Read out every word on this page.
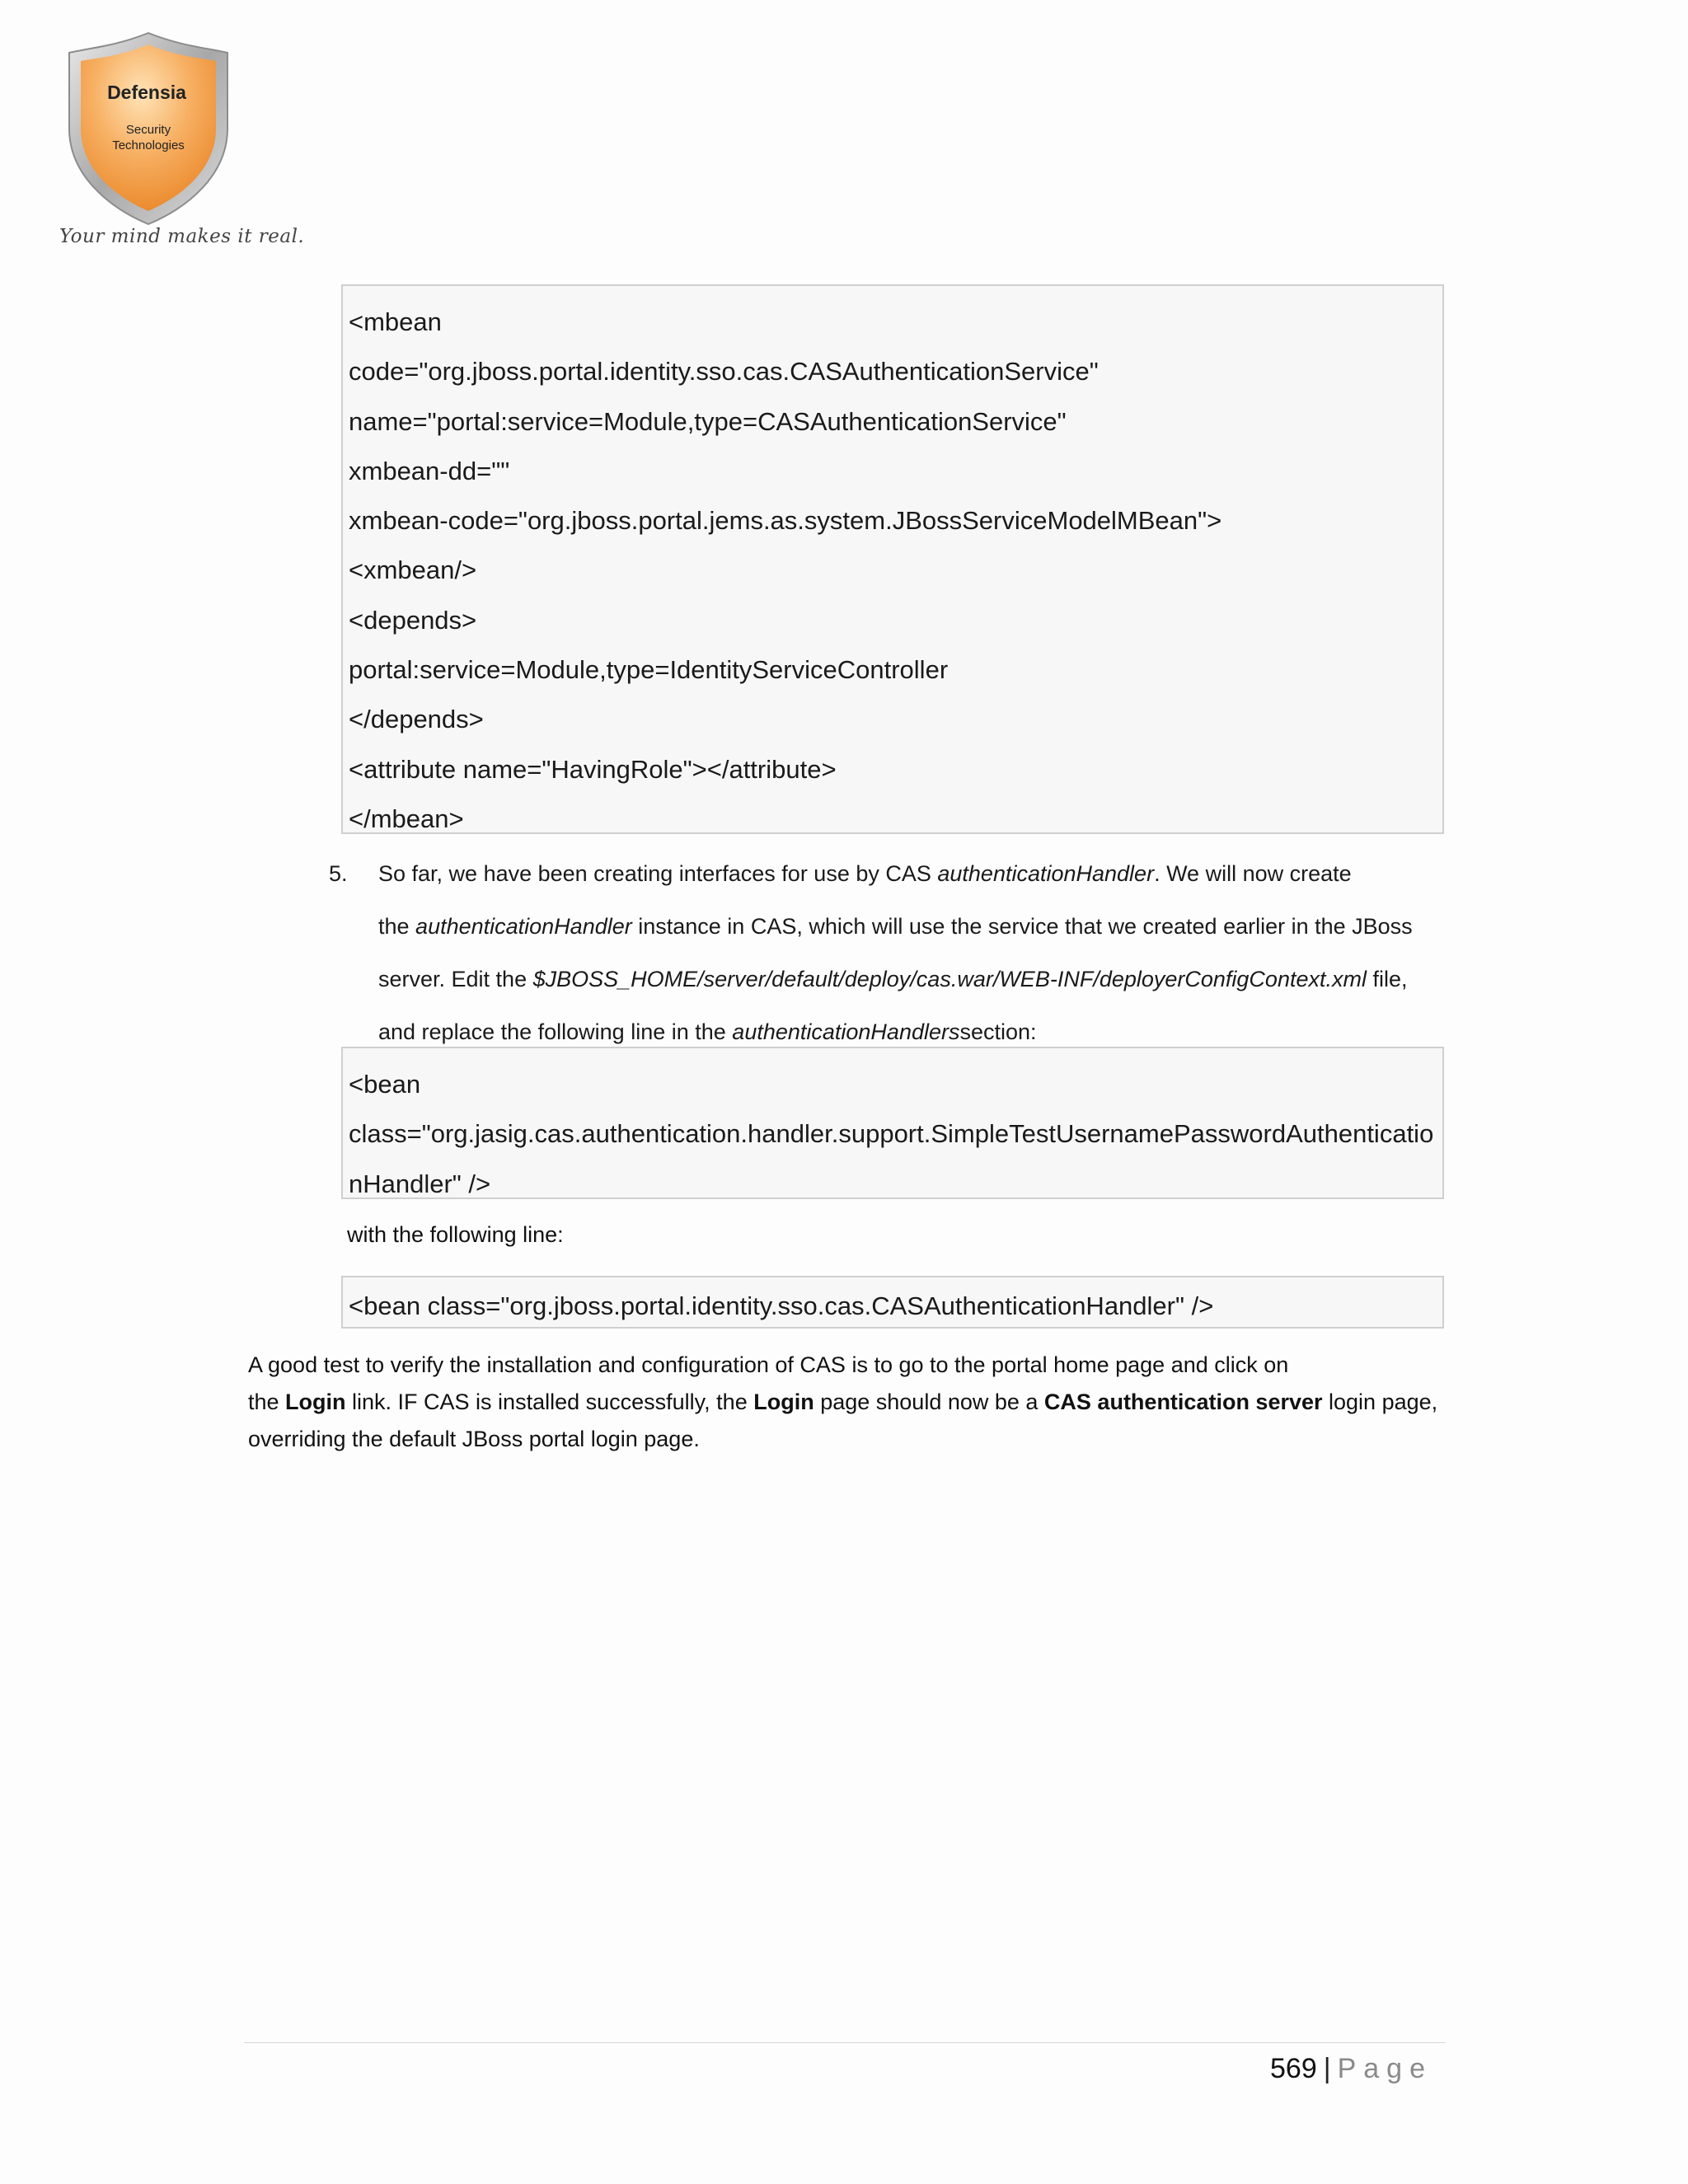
Defensia
Security
Technologies
Your mind makes it real.
<mbean
code="org.jboss.portal.identity.sso.cas.CASAuthenticationService"
name="portal:service=Module,type=CASAuthenticationService"
xmbean-dd=""
xmbean-code="org.jboss.portal.jems.as.system.JBossServiceModelMBean">
<xmbean/>
<depends>
portal:service=Module,type=IdentityServiceController
</depends>
<attribute name="HavingRole"></attribute>
</mbean>
5. So far, we have been creating interfaces for use by CAS authenticationHandler. We will now create
the authenticationHandler instance in CAS, which will use the service that we created earlier in the JBoss
server. Edit the $JBOSS_HOME/server/default/deploy/cas.war/WEB-INF/deployerConfigContext.xml file,
and replace the following line in the authenticationHandlerssection:
<bean
class="org.jasig.cas.authentication.handler.support.SimpleTestUsernamePasswordAuthenticatio
nHandler" />
with the following line:
<bean class="org.jboss.portal.identity.sso.cas.CASAuthenticationHandler" />
A good test to verify the installation and configuration of CAS is to go to the portal home page and click on
the Login link. IF CAS is installed successfully, the Login page should now be a CAS authentication server login page,
overriding the default JBoss portal login page.
569 | Page
